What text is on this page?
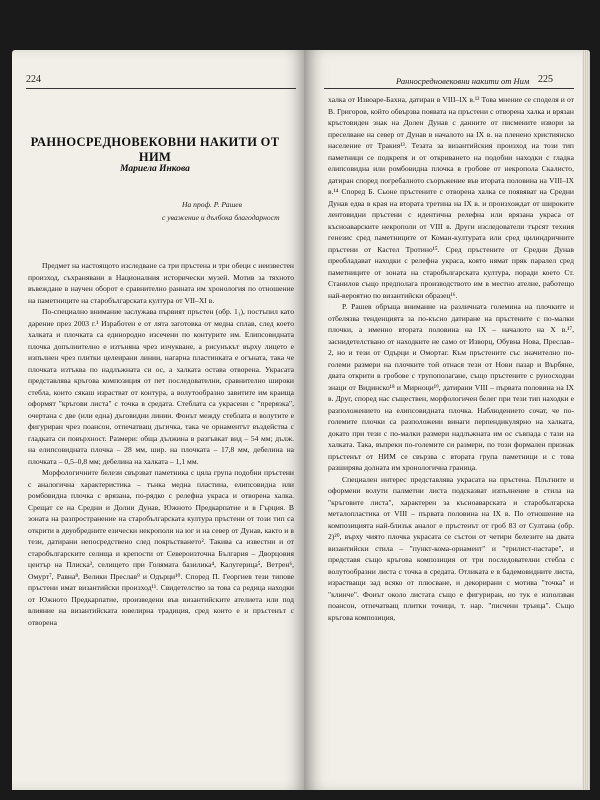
224
РАННОСРЕДНОВЕКОВНИ НАКИТИ ОТ НИМ
Мариела Инкова
На проф. Р. Рашев
с уважение и дълбока благодарност

Предмет на настоящото изследване са три пръстена и три обеци с неизвестен произход, съхранявани в Националния исторически музей. Мотив за тяхното въвеждане в научен оборот е сравнително ранната им хронология по отношение на паметниците на старобългарската култура от VII–XI в.

По-специално внимание заслужава първият пръстен (обр. 1₁), постъпил като дарение през 2003 г.¹ Изработен е от лята заготовка от медна сплав, след което халката и плочката са единородно изсечени по контурите им. Елипсовидната плочка допълнително е изтъняна чрез изчукване, а рисунъкът върху лицето е изпълнен чрез плитки целеирани линии, нагарна пластинката е огъната, така че плочката изтъква по надлъжната си ос, а халката остава отворена. Украсата представлява кръгова композиция от пет последователни, сравнително широки стебла, които сякаш израстват от контура, а волутообразно завитите им краища оформят "кръгови листа" с точка в средата. Стеблата са украсени с "прерязка", очертана с две (или една) дъговидни линии. Фонът между стеблата и волутите е фигуриран чрез поансон, отпечатващ дъгичка, така че орнаментът въздейства с гладката си повърхност. Размери: обща дължина в разгъвкат вид – 54 мм; дълж. на елипсовидната плочка – 28 мм, шир. на плочката – 17,8 мм, дебелина на плочката – 0,5–0,8 мм; дебелина на халката – 1,1 мм.

Морфологичните белези свързват паметника с цяла група подобни пръстени с аналогична характеристика – тънка медна пластина, елипсовидна или ромбовидна плочка с врязана, по-рядко с релефна украса и отворена халка. Срещат се на Средни и Долни Дунав, Южното Предкарпатие и в Гърция. В зоната на разпространение на старобългарската култура пръстени от този тип са открити в двуобредните езически некрополи на юг и на север от Дунав, както и в тези, датирани непосредствено след покръстването². Такива са известни и от старобългарските селища и крепости от Североизточна България – Дворцовия център на Плиска³, селището при Голямата базилика⁴, Калугерица⁵, Ветрен⁶, Омурт⁷, Равна⁸, Велики Преслав⁹ и Одърци¹⁰. Според П. Георгиев тези типове пръстени имат византийски произход¹¹. Свидетелство за това са редица находки от Южното Предкарпатие, произведени във византийските ателиета или под влияние на византийската ювелирна традиция, сред които е и пръстенът с отворена

Ранносредновековни накити от Ним 225

халка от Извоаре-Бахна, датиран в VIII–IX в.¹² Това мнение се споделя и от В. Григоров, който обвързва появата на пръстени с отворена халка и врязан кръстовиден знак на Долен Дунав с данните от писмените извори за преселване на север от Дунав в началото на IX в. на пленено християнско население от Тракия¹³. Тезата за византийския произход на този тип паметници се подкрепя и от откриването на подобни находки с гладка елипсовидна или ромбовидна плочка в гробове от некропола Скалисто, датиран според погребалното съоръжение във втората половина на VIII–IX в.¹⁴ Според Б. Сьоне пръстените с отворена халка се появяват на Средни Дунав едва в края на втората третина на IX в. и произхождат от широките лентовидни пръстени с идентична релефна или врязана украса от късноаварските некрополи от VIII в. Други изследователи търсят техния генезис сред паметниците от Коман-културата или сред цилиндричните пръстени от Кастел Тротино¹⁵. Сред пръстените от Средни Дунав преобладават находки с релефна украса, която нямат пряк паралел сред паметниците от зоната на старобългарската култура, поради което Ст. Станилов също предполага производството им в местно ателие, работещо най-вероятно по византийски образец¹⁶.

Р. Рашев обръща внимание на различната големина на плочките и отбелязва тенденцията за по-късно датиране на пръстените с по-малки плочки, а именно втората половина на IX – началото на X в.¹⁷, заснидетелствано от находките не само от Изворц, Обувна Нова, Преслав–2, но и тези от Одърци и Омортаг. Към пръстените със значително по-големи размери на плочките той отнася тези от Нови пазар и Върбяне, двата открити в гробове с трупополагане, също пръстените с руносходни знаци от Видинско¹⁸ и Мирноци¹⁹, датирани VIII – първата половина на IX в. Друг, според нас съществен, морфологичен белег при тези тип находки е разположението на елипсовидната плочка. Наблюдението сочат, че по-големите плочки са разположени винаги перпендикулярно на халката, докато при тези с по-малки размери надлъжната им ос съвпада с тази на халката. Така, въпреки по-големите си размери, по този формален признак пръстенът от НИМ се свързва с втората група паметници и с това разширява долната им хронологична граница.

Специален интерес представлява украсата на пръстена. Плътните и оформени волути палметни листа подсказват изпълнение в стила на "кръговите листа", характерен за късноаварската и старобългарска металопластика от VIII – първата половина на IX в. По отношение на композицията най-близък аналог е пръстенът от гроб 83 от Султана (обр. 2)²⁰, върху чиято плочка украсата се състои от четири белезите на двата византийски стила – "пункт-кома-орнамент" и "трилист-пастаре", и представя също кръгова композиция от три последователни стебла с волутообразни листа с точка в средата. Отликата е в бадемовидните листа, израстващи зад всяко от плюсване, и декорирани с мотива "точка" и "клинче". Фонът около листата също е фигуриран, но тук е използван поансон, отпечатващ плитки точици, т. нар. "писчени тръица". Също кръгова композиция,
